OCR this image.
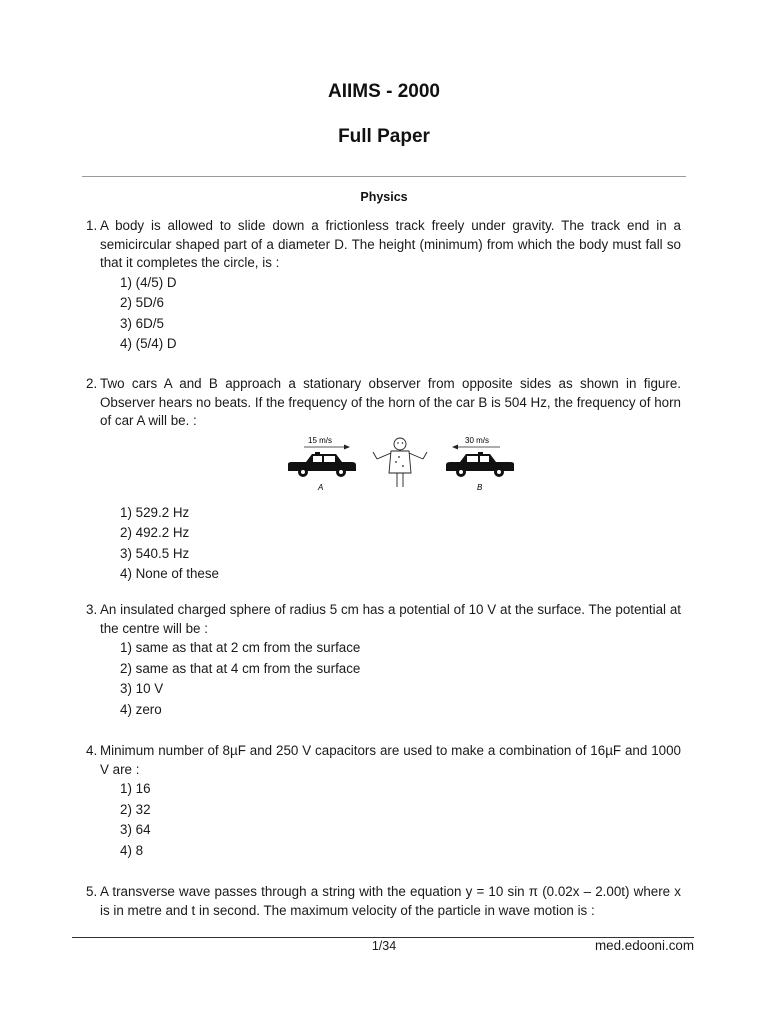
AIIMS - 2000
Full Paper
Physics
1. A body is allowed to slide down a frictionless track freely under gravity. The track end in a semicircular shaped part of a diameter D. The height (minimum) from which the body must fall so that it completes the circle, is :
1) (4/5) D
2) 5D/6
3) 6D/5
4) (5/4) D
2. Two cars A and B approach a stationary observer from opposite sides as shown in figure. Observer hears no beats. If the frequency of the horn of the car B is 504 Hz, the frequency of horn of car A will be. :
15 m/s	30 m/s
A	B
1) 529.2 Hz
2) 492.2 Hz
3) 540.5 Hz
4) None of these
3. An insulated charged sphere of radius 5 cm has a potential of 10 V at the surface. The potential at the centre will be :
1) same as that at 2 cm from the surface
2) same as that at 4 cm from the surface
3) 10 V
4) zero
4. Minimum number of 8µF and 250 V capacitors are used to make a combination of 16µF and 1000 V are :
1) 16
2) 32
3) 64
4) 8
5. A transverse wave passes through a string with the equation y = 10 sin π (0.02x – 2.00t) where x is in metre and t in second. The maximum velocity of the particle in wave motion is :
1/34	med.edooni.com
